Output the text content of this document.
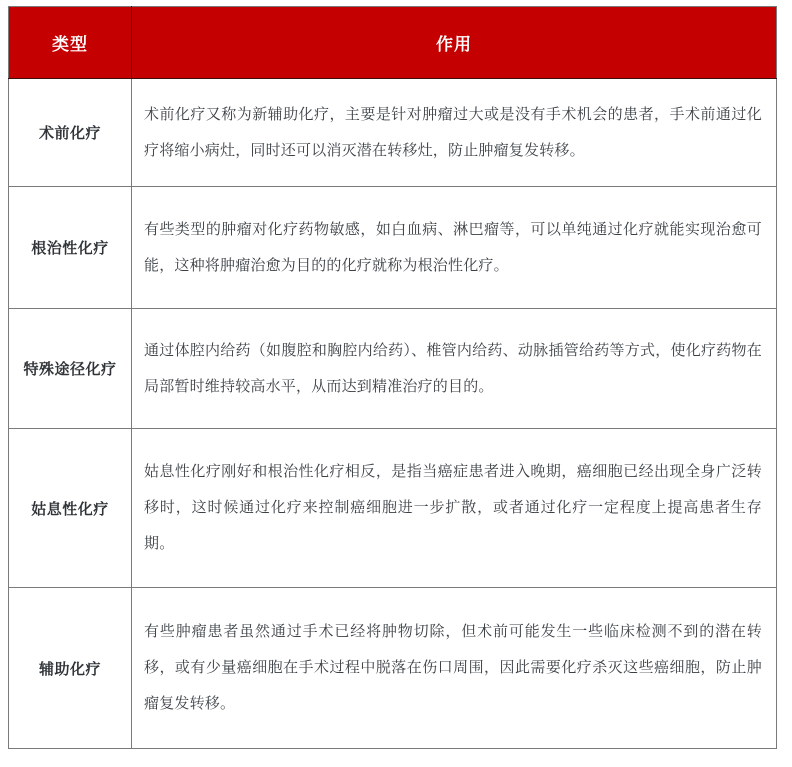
类型	作用
术前化疗	术前化疗又称为新辅助化疗，主要是针对肿瘤过大或是没有手术机会的患者，手术前通过化疗将缩小病灶，同时还可以消灭潜在转移灶，防止肿瘤复发转移。

根治性化疗	有些类型的肿瘤对化疗药物敏感，如白血病、淋巴瘤等，可以单纯通过化疗就能实现治愈可能，这种将肿瘤治愈为目的的化疗就称为根治性化疗。

特殊途径化疗	通过体腔内给药（如腹腔和胸腔内给药）、椎管内给药、动脉插管给药等方式，使化疗药物在局部暂时维持较高水平，从而达到精准治疗的目的。

姑息性化疗	姑息性化疗刚好和根治性化疗相反，是指当癌症患者进入晚期，癌细胞已经出现全身广泛转移时，这时候通过化疗来控制癌细胞进一步扩散，或者通过化疗一定程度上提高患者生存期。

辅助化疗	有些肿瘤患者虽然通过手术已经将肿物切除，但术前可能发生一些临床检测不到的潜在转移，或有少量癌细胞在手术过程中脱落在伤口周围，因此需要化疗杀灭这些癌细胞，防止肿瘤复发转移。
